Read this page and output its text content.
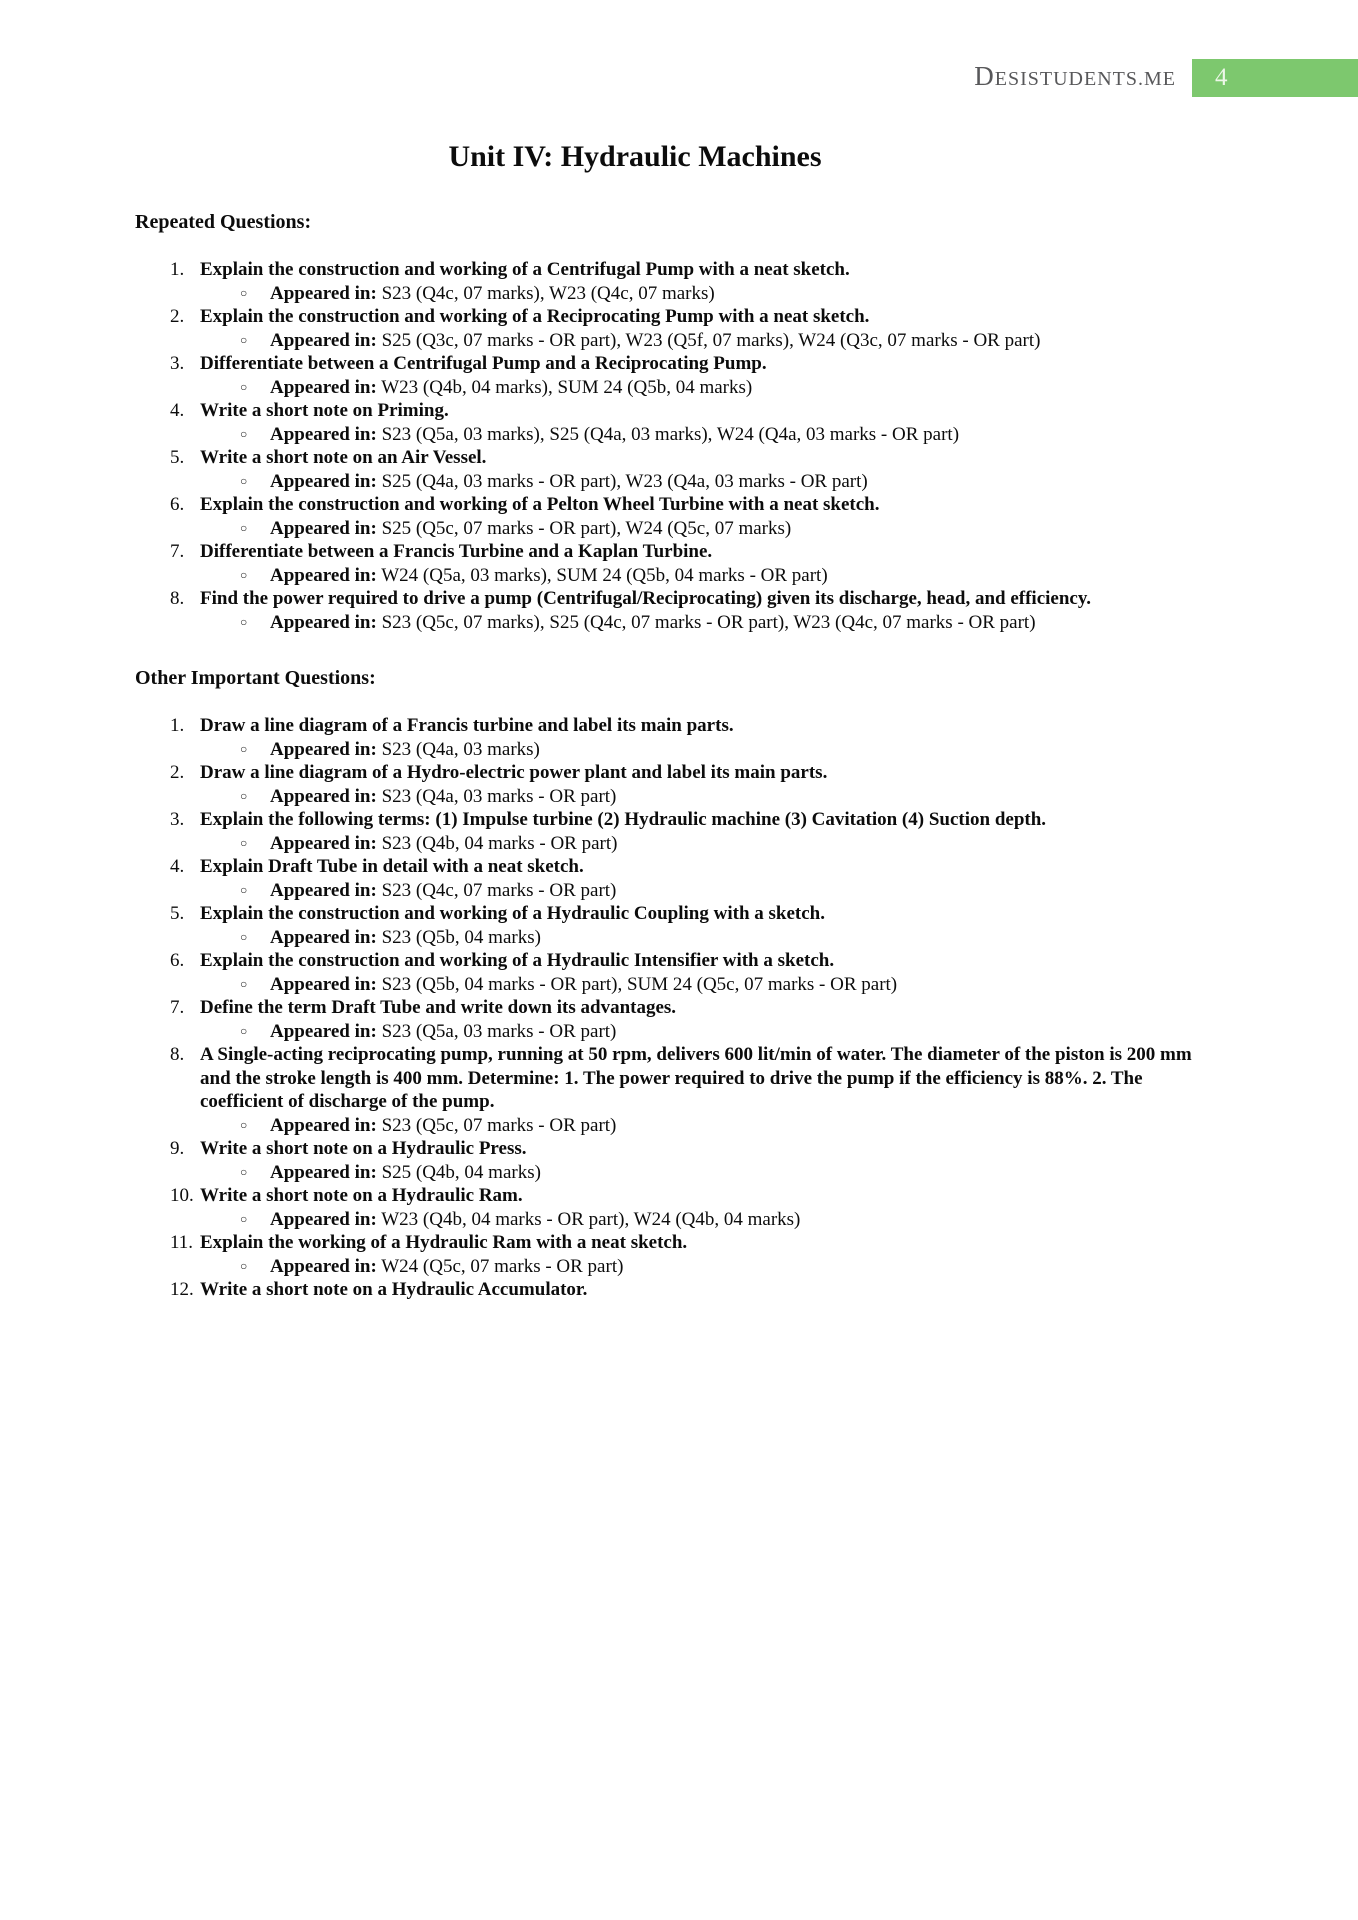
DESISTUDENTS.ME 4
Unit IV: Hydraulic Machines
Repeated Questions:
1. Explain the construction and working of a Centrifugal Pump with a neat sketch.
○	Appeared in: S23 (Q4c, 07 marks), W23 (Q4c, 07 marks)
2. Explain the construction and working of a Reciprocating Pump with a neat sketch.
○	Appeared in: S25 (Q3c, 07 marks - OR part), W23 (Q5f, 07 marks), W24 (Q3c, 07 marks - OR part)
3. Differentiate between a Centrifugal Pump and a Reciprocating Pump.
○	Appeared in: W23 (Q4b, 04 marks), SUM 24 (Q5b, 04 marks)
4. Write a short note on Priming.
○	Appeared in: S23 (Q5a, 03 marks), S25 (Q4a, 03 marks), W24 (Q4a, 03 marks - OR part)
5. Write a short note on an Air Vessel.
○	Appeared in: S25 (Q4a, 03 marks - OR part), W23 (Q4a, 03 marks - OR part)
6. Explain the construction and working of a Pelton Wheel Turbine with a neat sketch.
○	Appeared in: S25 (Q5c, 07 marks - OR part), W24 (Q5c, 07 marks)
7. Differentiate between a Francis Turbine and a Kaplan Turbine.
○	Appeared in: W24 (Q5a, 03 marks), SUM 24 (Q5b, 04 marks - OR part)
8. Find the power required to drive a pump (Centrifugal/Reciprocating) given its discharge, head, and efficiency.
○	Appeared in: S23 (Q5c, 07 marks), S25 (Q4c, 07 marks - OR part), W23 (Q4c, 07 marks - OR part)
Other Important Questions:
1. Draw a line diagram of a Francis turbine and label its main parts.
○	Appeared in: S23 (Q4a, 03 marks)
2. Draw a line diagram of a Hydro-electric power plant and label its main parts.
○	Appeared in: S23 (Q4a, 03 marks - OR part)
3. Explain the following terms: (1) Impulse turbine (2) Hydraulic machine (3) Cavitation (4) Suction depth.
○	Appeared in: S23 (Q4b, 04 marks - OR part)
4. Explain Draft Tube in detail with a neat sketch.
○	Appeared in: S23 (Q4c, 07 marks - OR part)
5. Explain the construction and working of a Hydraulic Coupling with a sketch.
○	Appeared in: S23 (Q5b, 04 marks)
6. Explain the construction and working of a Hydraulic Intensifier with a sketch.
○	Appeared in: S23 (Q5b, 04 marks - OR part), SUM 24 (Q5c, 07 marks - OR part)
7. Define the term Draft Tube and write down its advantages.
○	Appeared in: S23 (Q5a, 03 marks - OR part)
8. A Single-acting reciprocating pump, running at 50 rpm, delivers 600 lit/min of water. The diameter of the piston is 200 mm and the stroke length is 400 mm. Determine: 1. The power required to drive the pump if the efficiency is 88%. 2. The coefficient of discharge of the pump.
○	Appeared in: S23 (Q5c, 07 marks - OR part)
9. Write a short note on a Hydraulic Press.
○	Appeared in: S25 (Q4b, 04 marks)
10. Write a short note on a Hydraulic Ram.
○	Appeared in: W23 (Q4b, 04 marks - OR part), W24 (Q4b, 04 marks)
11. Explain the working of a Hydraulic Ram with a neat sketch.
○	Appeared in: W24 (Q5c, 07 marks - OR part)
12. Write a short note on a Hydraulic Accumulator.
